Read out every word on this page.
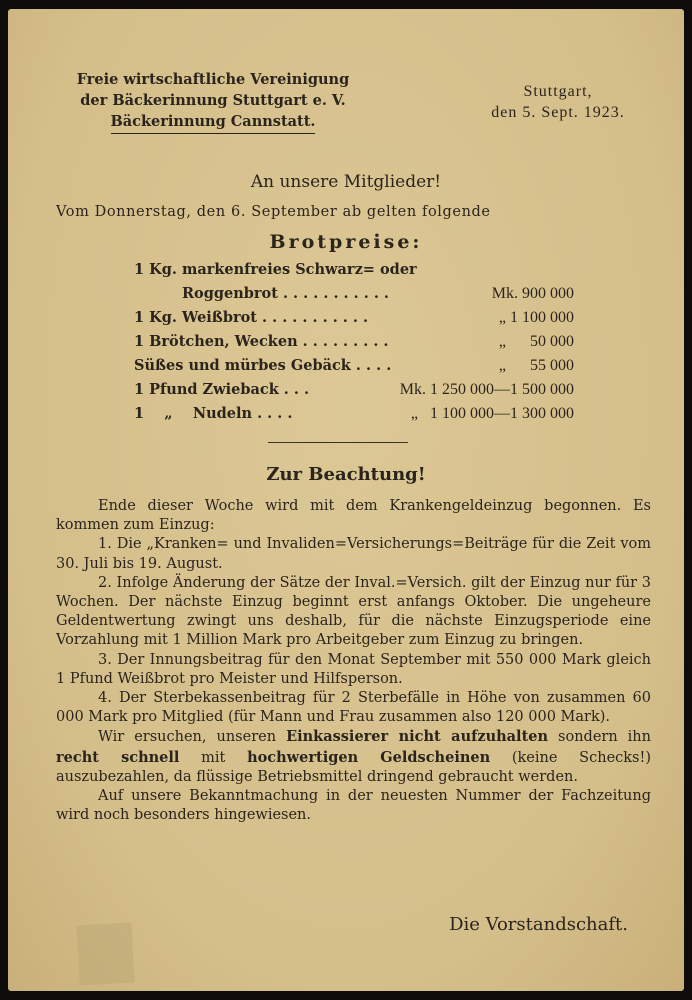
Freie wirtschaftliche Vereinigung
der Bäckerinnung Stuttgart e. V.
Bäckerinnung Cannstatt.
Stuttgart,
den 5. Sept. 1923.
An unsere Mitglieder!
Vom Donnerstag, den 6. September ab gelten folgende
Brotpreise:
1 Kg. markenfreies Schwarz= oder
Roggenbrot . . . . . . . . . . .	Mk. 900 000
1 Kg. Weißbrot . . . . . . . . . . .	„ 1 100 000
1 Brötchen, Wecken . . . . . . . . .	„      50 000
Süßes und mürbes Gebäck . . . .	„      55 000
1 Pfund Zwieback . . .	Mk. 1 250 000—1 500 000
1    „    Nudeln . . . .	„   1 100 000—1 300 000
Zur Beachtung!

Ende dieser Woche wird mit dem Krankengeldeinzug begonnen. Es kommen zum Einzug:

1. Die „Kranken= und Invaliden=Versicherungs=Beiträge für die Zeit vom 30. Juli bis 19. August.

2. Infolge Änderung der Sätze der Inval.=Versich. gilt der Einzug nur für 3 Wochen. Der nächste Einzug beginnt erst anfangs Oktober. Die ungeheure Geldentwertung zwingt uns deshalb, für die nächste Einzugsperiode eine Vorzahlung mit 1 Million Mark pro Arbeitgeber zum Einzug zu bringen.

3. Der Innungsbeitrag für den Monat September mit 550 000 Mark gleich 1 Pfund Weißbrot pro Meister und Hilfsperson.

4. Der Sterbekassenbeitrag für 2 Sterbefälle in Höhe von zusammen 60 000 Mark pro Mitglied (für Mann und Frau zusammen also 120 000 Mark).

Wir ersuchen, unseren Einkassierer nicht aufzuhalten sondern ihn recht schnell mit hochwertigen Geldscheinen (keine Schecks!) auszubezahlen, da flüssige Betriebsmittel dringend gebraucht werden.

Auf unsere Bekanntmachung in der neuesten Nummer der Fachzeitung wird noch besonders hingewiesen.

Die Vorstandschaft.
